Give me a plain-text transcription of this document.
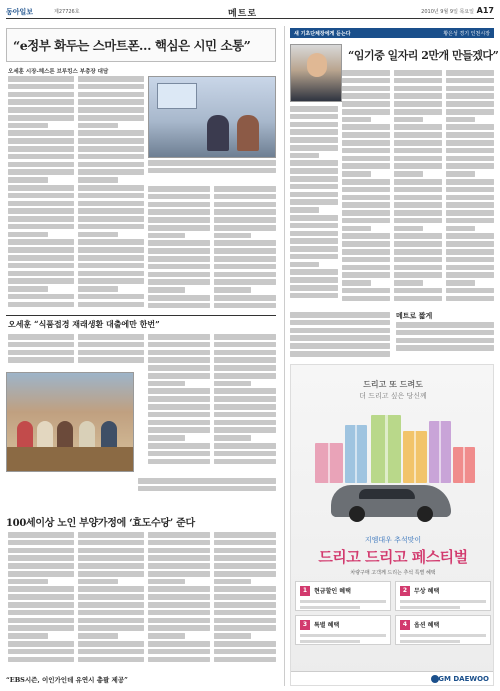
동아일보	제27726호	메트로	2010년 9월 9일 목요일 A17
“e정부 화두는 스마트폰… 핵심은 시민 소통”
오세훈 시장-헤스톤 브루킹스 부총장 대담
오세훈 “식품접경 재래생환 대출에만 한번”
100세이상 노인 부양가정에 ‘효도수당’ 준다
“EBS시즌, 이인가인데 유연시 총괄 제공”
새 기초단체장에게 듣는다	황은성 경기 인천시장
“임기중 일자리 2만개 만들겠다”
메트로 짧게
드리고 또 드려도
더 드리고 싶은 당신께
지엠대우 추석맞이
드리고 드리고 페스티벌
차량구매 고객께 드리는 추석 특별 혜택
1	현금할인 혜택	2	무상 혜택
3	특별 혜택	4	옵션 혜택
GM DAEWOO
